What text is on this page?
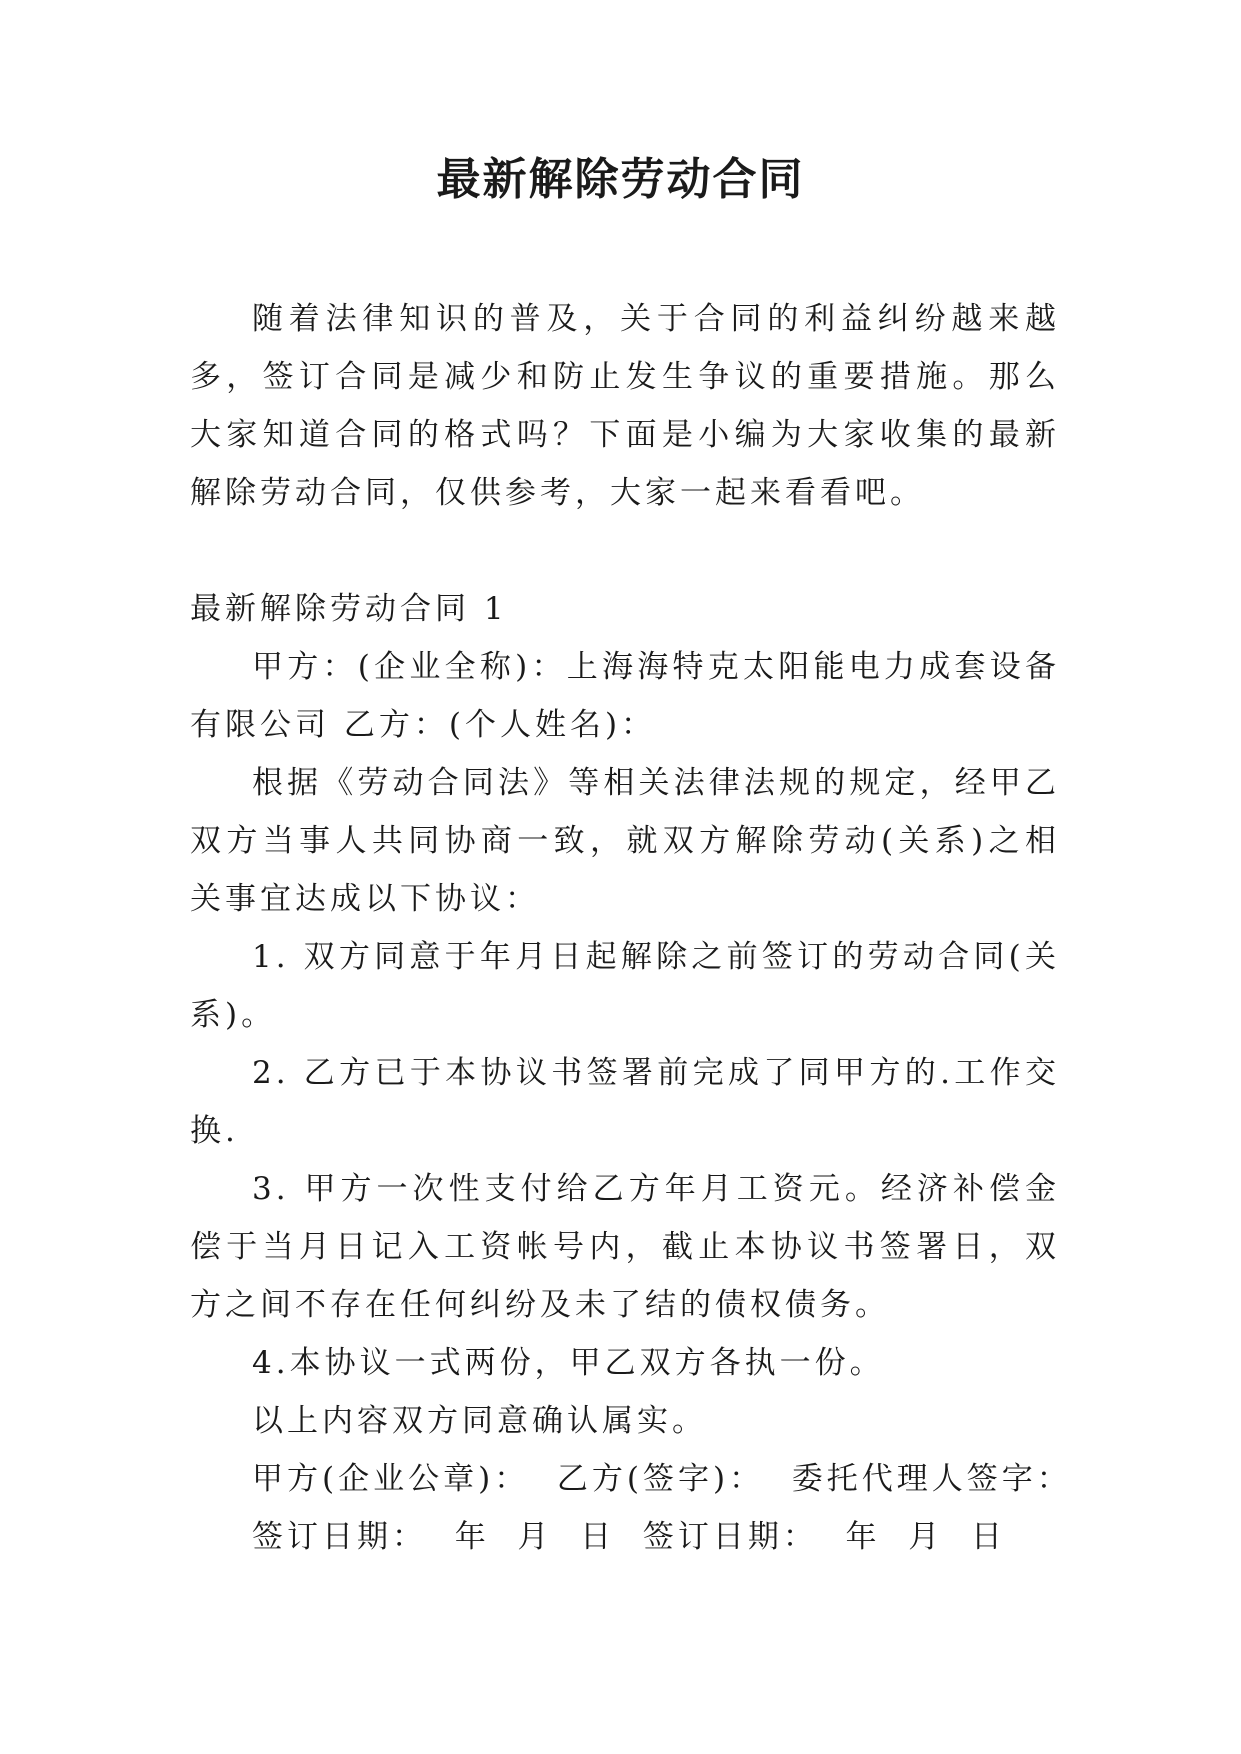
最新解除劳动合同

随着法律知识的普及，关于合同的利益纠纷越来越多，签订合同是减少和防止发生争议的重要措施。那么大家知道合同的格式吗？下面是小编为大家收集的最新解除劳动合同，仅供参考，大家一起来看看吧。

最新解除劳动合同 1

甲方：(企业全称)：上海海特克太阳能电力成套设备有限公司 乙方：(个人姓名)：

根据《劳动合同法》等相关法律法规的规定，经甲乙双方当事人共同协商一致，就双方解除劳动(关系)之相关事宜达成以下协议：

1. 双方同意于年月日起解除之前签订的劳动合同(关系)。

2. 乙方已于本协议书签署前完成了同甲方的.工作交换.

3. 甲方一次性支付给乙方年月工资元。经济补偿金偿于当月日记入工资帐号内，截止本协议书签署日，双方之间不存在任何纠纷及未了结的债权债务。

4.本协议一式两份，甲乙双方各执一份。

以上内容双方同意确认属实。

甲方(企业公章)：  乙方(签字)：  委托代理人签字：

签订日期：  年  月  日  签订日期：  年  月  日
